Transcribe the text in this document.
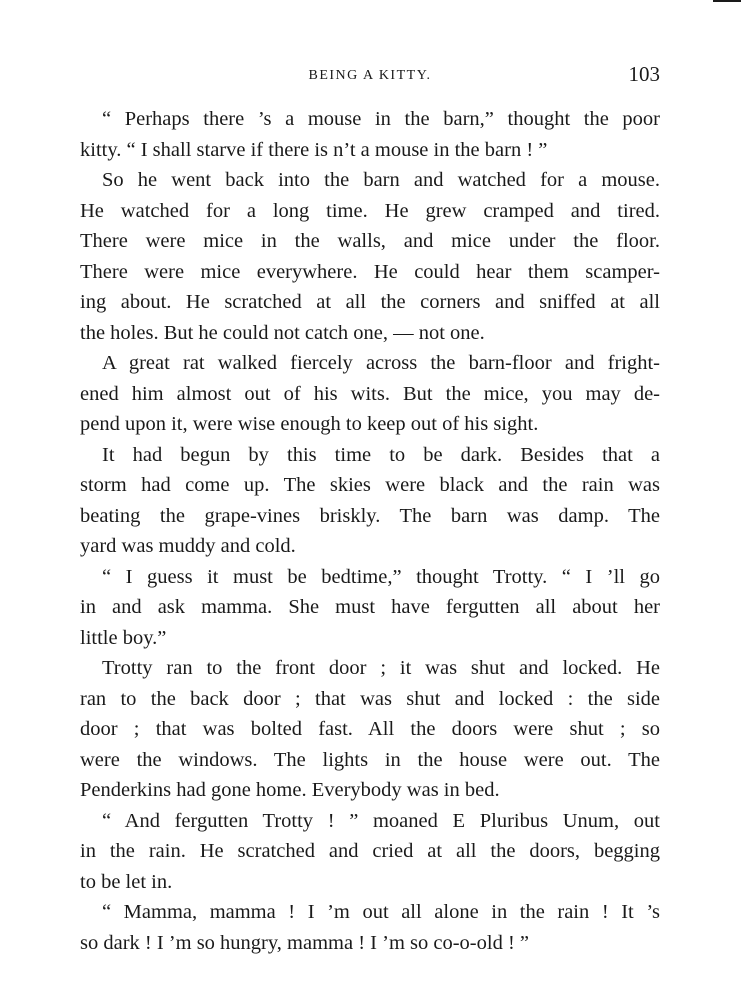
BEING A KITTY.	103
“ Perhaps there ’s a mouse in the barn,” thought the poor
kitty. “ I shall starve if there is n’t a mouse in the barn ! ”
So he went back into the barn and watched for a mouse.
He watched for a long time. He grew cramped and tired.
There were mice in the walls, and mice under the floor.
There were mice everywhere. He could hear them scamper-
ing about. He scratched at all the corners and sniffed at all
the holes. But he could not catch one, — not one.
A great rat walked fiercely across the barn-floor and fright-
ened him almost out of his wits. But the mice, you may de-
pend upon it, were wise enough to keep out of his sight.
It had begun by this time to be dark. Besides that a
storm had come up. The skies were black and the rain was
beating the grape-vines briskly. The barn was damp. The
yard was muddy and cold.
“ I guess it must be bedtime,” thought Trotty. “ I ’ll go
in and ask mamma. She must have fergutten all about her
little boy.”
Trotty ran to the front door ; it was shut and locked. He
ran to the back door ; that was shut and locked : the side
door ; that was bolted fast. All the doors were shut ; so
were the windows. The lights in the house were out. The
Penderkins had gone home. Everybody was in bed.
“ And fergutten Trotty ! ” moaned E Pluribus Unum, out
in the rain. He scratched and cried at all the doors, begging
to be let in.
“ Mamma, mamma ! I ’m out all alone in the rain ! It ’s
so dark ! I ’m so hungry, mamma ! I ’m so co-o-old ! ”
